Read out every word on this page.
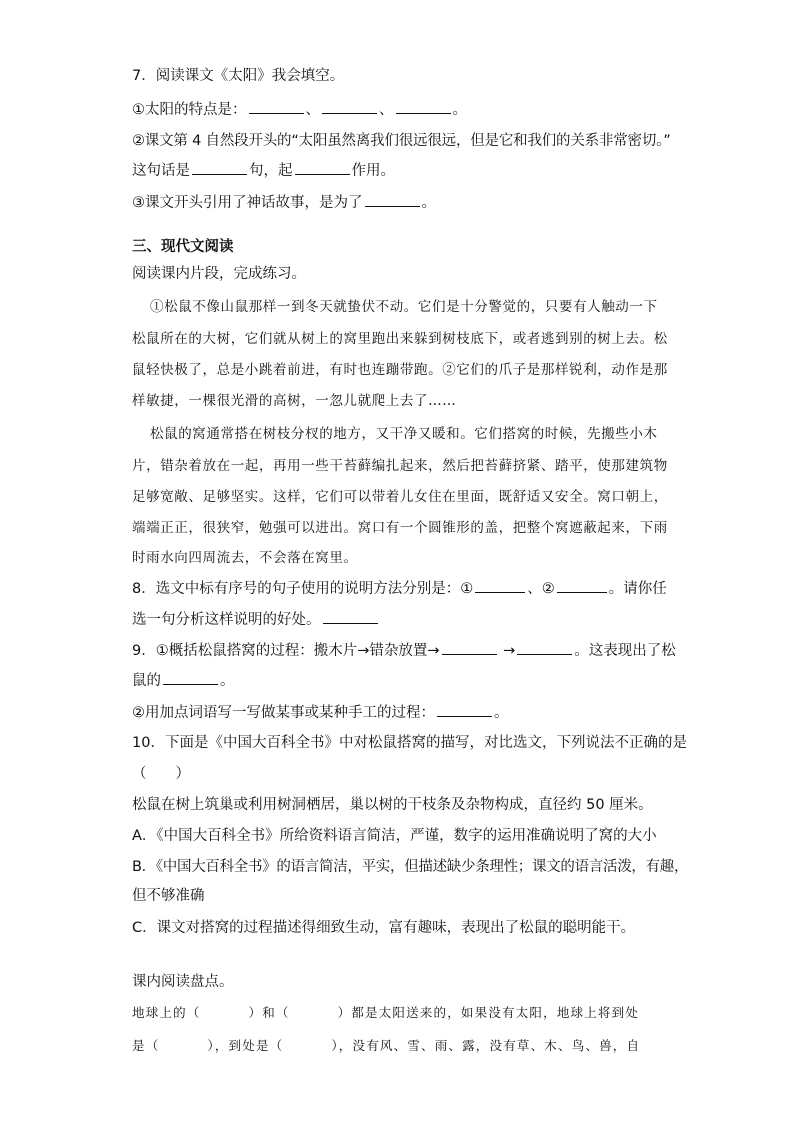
7．阅读课文《太阳》我会填空。
①太阳的特点是：	、	、	。
②课文第 4 自然段开头的“太阳虽然离我们很远很远，但是它和我们的关系非常密切。”
这句话是	句，起	作用。
③课文开头引用了神话故事，是为了	。
三、现代文阅读
阅读课内片段，完成练习。
①松鼠不像山鼠那样一到冬天就蛰伏不动。它们是十分警觉的，只要有人触动一下
松鼠所在的大树，它们就从树上的窝里跑出来躲到树枝底下，或者逃到别的树上去。松
鼠轻快极了，总是小跳着前进，有时也连蹦带跑。②它们的爪子是那样锐利，动作是那
样敏捷，一棵很光滑的高树，一忽儿就爬上去了……
松鼠的窝通常搭在树枝分杈的地方，又干净又暖和。它们搭窝的时候，先搬些小木
片，错杂着放在一起，再用一些干苔藓编扎起来，然后把苔藓挤紧、踏平，使那建筑物
足够宽敞、足够坚实。这样，它们可以带着儿女住在里面，既舒适又安全。窝口朝上，
端端正正，很狭窄，勉强可以进出。窝口有一个圆锥形的盖，把整个窝遮蔽起来，下雨
时雨水向四周流去，不会落在窝里。
8．选文中标有序号的句子使用的说明方法分别是：①	、②	。请你任
选一句分析这样说明的好处。
9．①概括松鼠搭窝的过程：搬木片→错杂放置→	→	。这表现出了松
鼠的	。
②用加点词语写一写做某事或某种手工的过程：	。
10．下面是《中国大百科全书》中对松鼠搭窝的描写，对比选文，下列说法不正确的是
（　　）
松鼠在树上筑巢或利用树洞栖居，巢以树的干枝条及杂物构成，直径约 50 厘米。
A．《中国大百科全书》所给资料语言简洁，严谨，数字的运用准确说明了窝的大小
B．《中国大百科全书》的语言简洁，平实，但描述缺少条理性；课文的语言活泼，有趣，
但不够准确
C．课文对搭窝的过程描述得细致生动，富有趣味，表现出了松鼠的聪明能干。
课内阅读盘点。
地球上的（	）和（	）都是太阳送来的，如果没有太阳，地球上将到处
是（	），到处是（	），没有风、雪、雨、露，没有草、木、鸟、兽，自
